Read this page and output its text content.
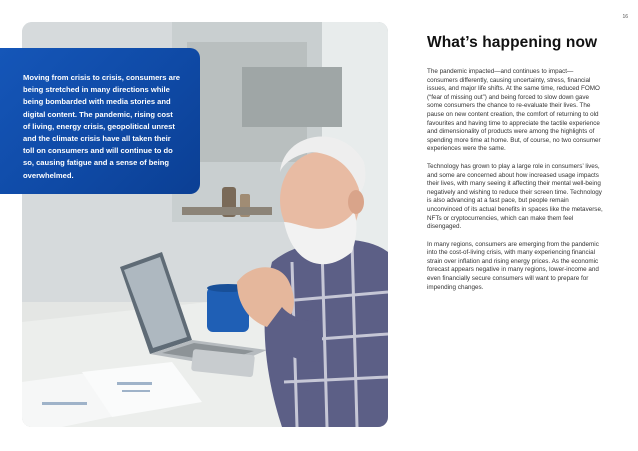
Moving from crisis to crisis, consumers are being stretched in many directions while being bombarded with media stories and digital content. The pandemic, rising cost of living, energy crisis, geopolitical unrest and the climate crisis have all taken their toll on consumers and will continue to do so, causing fatigue and a sense of being overwhelmed.

16
What’s happening now

The pandemic impacted—and continues to impact—consumers differently, causing uncertainty, stress, financial issues, and major life shifts. At the same time, reduced FOMO (“fear of missing out”) and being forced to slow down gave some consumers the chance to re-evaluate their lives. The pause on new content creation, the comfort of returning to old favourites and having time to appreciate the tactile experience and dimensionality of products were among the highlights of spending more time at home. But, of course, no two consumer experiences were the same.

Technology has grown to play a large role in consumers’ lives, and some are concerned about how increased usage impacts their lives, with many seeing it affecting their mental well-being negatively and wishing to reduce their screen time. Technology is also advancing at a fast pace, but people remain unconvinced of its actual benefits in spaces like the metaverse, NFTs or cryptocurrencies, which can make them feel disengaged.

In many regions, consumers are emerging from the pandemic into the cost-of-living crisis, with many experiencing financial strain over inflation and rising energy prices. As the economic forecast appears negative in many regions, lower-income and even financially secure consumers will want to prepare for impending changes.
